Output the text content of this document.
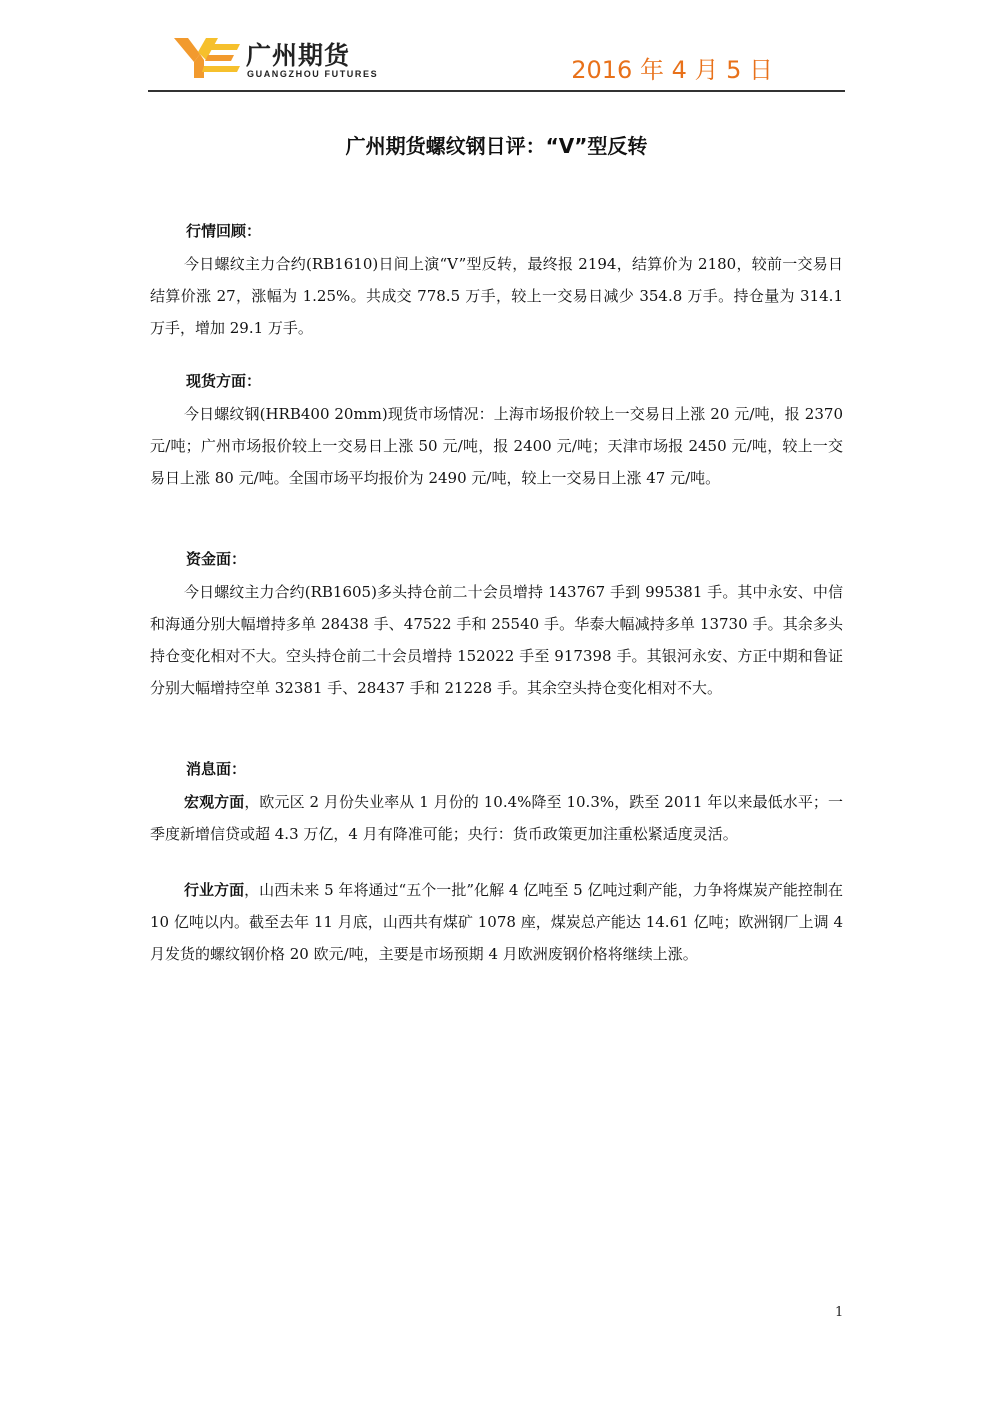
广州期货
GUANGZHOU FUTURES	2016 年 4 月 5 日
广州期货螺纹钢日评：“V”型反转

行情回顾：

今日螺纹主力合约(RB1610)日间上演“V”型反转，最终报 2194，结算价为 2180，较前一交易日结算价涨 27，涨幅为 1.25%。共成交 778.5 万手，较上一交易日减少 354.8 万手。持仓量为 314.1 万手，增加 29.1 万手。

现货方面：

今日螺纹钢(HRB400 20mm)现货市场情况：上海市场报价较上一交易日上涨 20 元/吨，报 2370 元/吨；广州市场报价较上一交易日上涨 50 元/吨，报 2400 元/吨；天津市场报 2450 元/吨，较上一交易日上涨 80 元/吨。全国市场平均报价为 2490 元/吨，较上一交易日上涨 47 元/吨。

资金面：

今日螺纹主力合约(RB1605)多头持仓前二十会员增持 143767 手到 995381 手。其中永安、中信和海通分别大幅增持多单 28438 手、47522 手和 25540 手。华泰大幅减持多单 13730 手。其余多头持仓变化相对不大。空头持仓前二十会员增持 152022 手至 917398 手。其银河永安、方正中期和鲁证分别大幅增持空单 32381 手、28437 手和 21228 手。其余空头持仓变化相对不大。

消息面：

宏观方面，欧元区 2 月份失业率从 1 月份的 10.4%降至 10.3%，跌至 2011 年以来最低水平；一季度新增信贷或超 4.3 万亿，4 月有降准可能；央行：货币政策更加注重松紧适度灵活。

行业方面，山西未来 5 年将通过“五个一批”化解 4 亿吨至 5 亿吨过剩产能，力争将煤炭产能控制在 10 亿吨以内。截至去年 11 月底，山西共有煤矿 1078 座，煤炭总产能达 14.61 亿吨；欧洲钢厂上调 4 月发货的螺纹钢价格 20 欧元/吨，主要是市场预期 4 月欧洲废钢价格将继续上涨。

1
